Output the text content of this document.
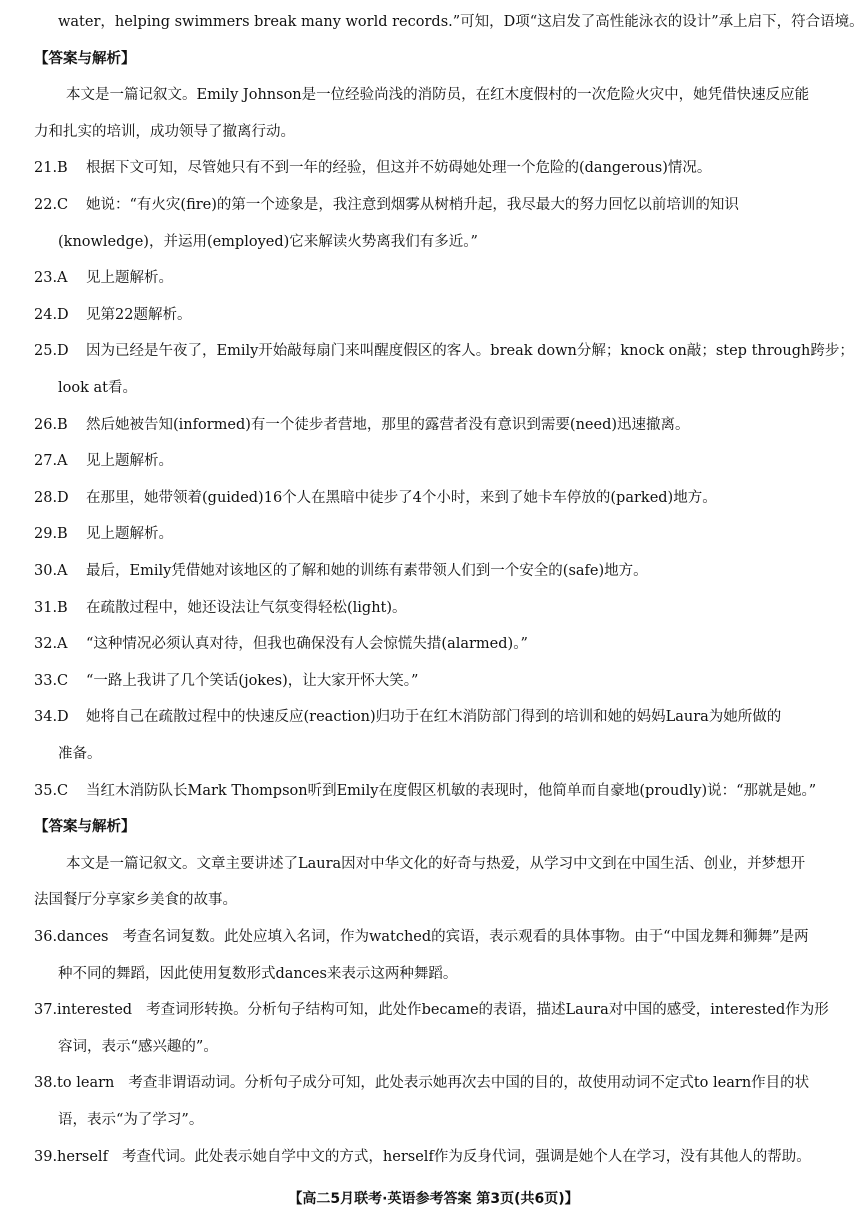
water，helping swimmers break many world records.”可知，D项“这启发了高性能泳衣的设计”承上启下，符合语境。
【答案与解析】
本文是一篇记叙文。Emily Johnson是一位经验尚浅的消防员，在红木度假村的一次危险火灾中，她凭借快速反应能
力和扎实的培训，成功领导了撤离行动。
21.B 根据下文可知，尽管她只有不到一年的经验，但这并不妨碍她处理一个危险的(dangerous)情况。
22.C 她说：“有火灾(fire)的第一个迹象是，我注意到烟雾从树梢升起，我尽最大的努力回忆以前培训的知识
(knowledge)，并运用(employed)它来解读火势离我们有多近。”
23.A 见上题解析。
24.D 见第22题解析。
25.D 因为已经是午夜了，Emily开始敲每扇门来叫醒度假区的客人。break down分解；knock on敲；step through跨步；
look at看。
26.B 然后她被告知(informed)有一个徒步者营地，那里的露营者没有意识到需要(need)迅速撤离。
27.A 见上题解析。
28.D 在那里，她带领着(guided)16个人在黑暗中徒步了4个小时，来到了她卡车停放的(parked)地方。
29.B 见上题解析。
30.A 最后，Emily凭借她对该地区的了解和她的训练有素带领人们到一个安全的(safe)地方。
31.B 在疏散过程中，她还设法让气氛变得轻松(light)。
32.A “这种情况必须认真对待，但我也确保没有人会惊慌失措(alarmed)。”
33.C “一路上我讲了几个笑话(jokes)，让大家开怀大笑。”
34.D 她将自己在疏散过程中的快速反应(reaction)归功于在红木消防部门得到的培训和她的妈妈Laura为她所做的
准备。
35.C 当红木消防队长Mark Thompson听到Emily在度假区机敏的表现时，他简单而自豪地(proudly)说：“那就是她。”
【答案与解析】
本文是一篇记叙文。文章主要讲述了Laura因对中华文化的好奇与热爱，从学习中文到在中国生活、创业，并梦想开
法国餐厅分享家乡美食的故事。
36.dances 考查名词复数。此处应填入名词，作为watched的宾语，表示观看的具体事物。由于“中国龙舞和狮舞”是两
种不同的舞蹈，因此使用复数形式dances来表示这两种舞蹈。
37.interested 考查词形转换。分析句子结构可知，此处作became的表语，描述Laura对中国的感受，interested作为形
容词，表示“感兴趣的”。
38.to learn 考查非谓语动词。分析句子成分可知，此处表示她再次去中国的目的，故使用动词不定式to learn作目的状
语，表示“为了学习”。
39.herself 考查代词。此处表示她自学中文的方式，herself作为反身代词，强调是她个人在学习，没有其他人的帮助。
【高二5月联考·英语参考答案 第3页(共6页)】
